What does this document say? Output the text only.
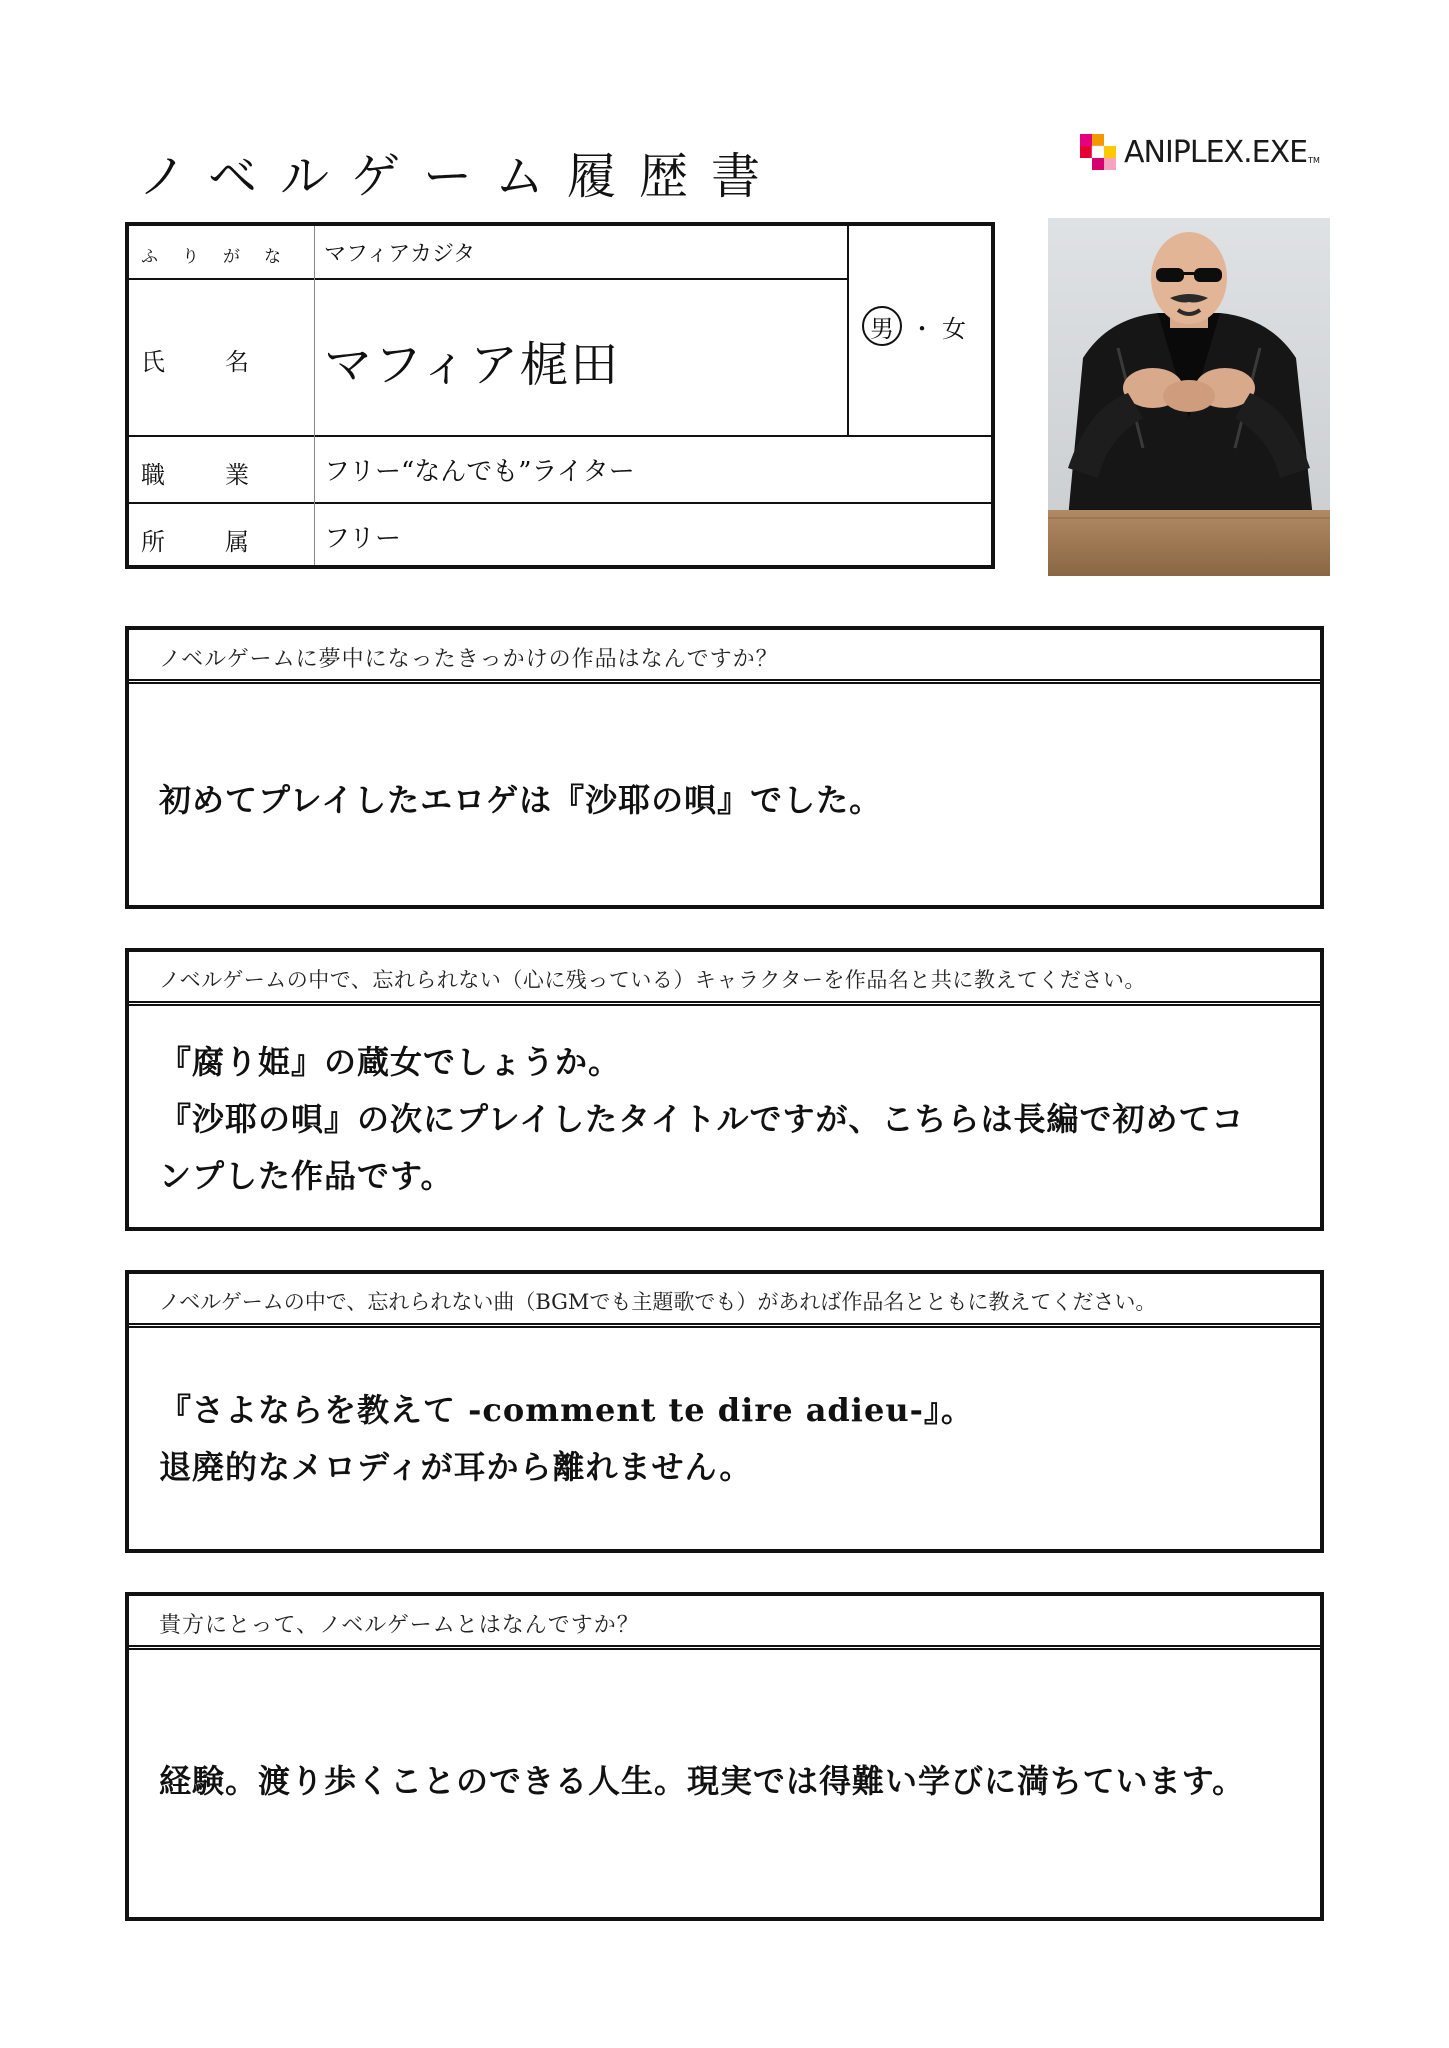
ノベルゲーム履歴書	ANIPLEX.EXE TM
ふりがな マフィアカジタ
氏名 マフィア梶田
職業 フリー“なんでも”ライター
所属 フリー
男 ・ 女
ノベルゲームに夢中になったきっかけの作品はなんですか？
初めてプレイしたエロゲは『沙耶の唄』でした。
ノベルゲームの中で、忘れられない（心に残っている）キャラクターを作品名と共に教えてください。
『腐り姫』の蔵女でしょうか。
『沙耶の唄』の次にプレイしたタイトルですが、こちらは長編で初めてコ
ンプした作品です。
ノベルゲームの中で、忘れられない曲（BGMでも主題歌でも）があれば作品名とともに教えてください。
『さよならを教えて -comment te dire adieu-』。
退廃的なメロディが耳から離れません。
貴方にとって、ノベルゲームとはなんですか？
経験。渡り歩くことのできる人生。現実では得難い学びに満ちています。
